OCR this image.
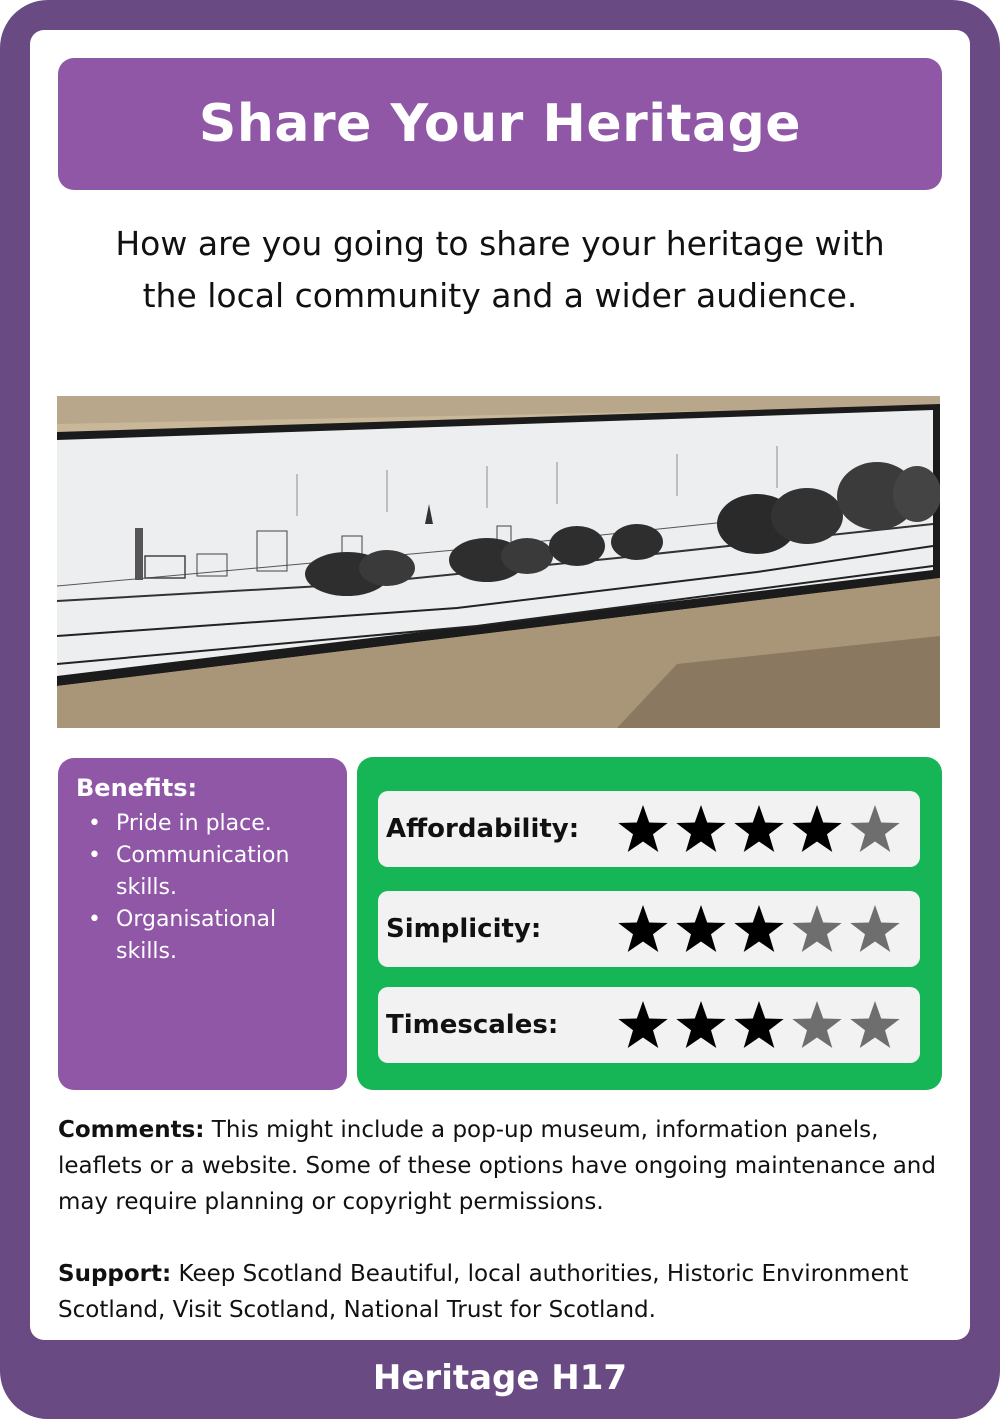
Share Your Heritage
How are you going to share your heritage with the local community and a wider audience.
Benefits:
• Pride in place.
• Communication skills.
• Organisational skills.
Affordability:
Simplicity:
Timescales:
Comments: This might include a pop-up museum, information panels, leaflets or a website. Some of these options have ongoing maintenance and may require planning or copyright permissions.
Support: Keep Scotland Beautiful, local authorities, Historic Environment Scotland, Visit Scotland, National Trust for Scotland.
Heritage H17
